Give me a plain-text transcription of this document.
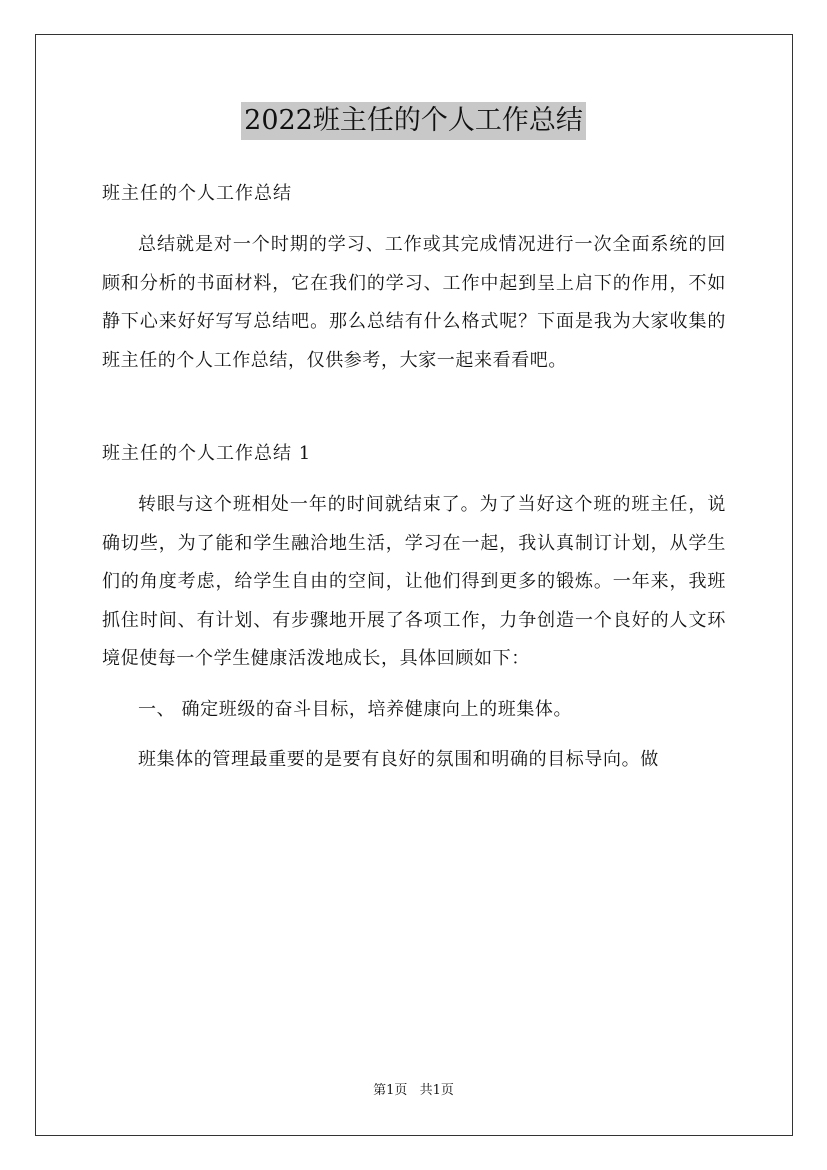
2022班主任的个人工作总结
班主任的个人工作总结

总结就是对一个时期的学习、工作或其完成情况进行一次全面系统的回顾和分析的书面材料，它在我们的学习、工作中起到呈上启下的作用，不如静下心来好好写写总结吧。那么总结有什么格式呢？下面是我为大家收集的班主任的个人工作总结，仅供参考，大家一起来看看吧。

班主任的个人工作总结 1

转眼与这个班相处一年的时间就结束了。为了当好这个班的班主任，说确切些，为了能和学生融洽地生活，学习在一起，我认真制订计划，从学生们的角度考虑，给学生自由的空间，让他们得到更多的锻炼。一年来，我班抓住时间、有计划、有步骤地开展了各项工作，力争创造一个良好的人文环境促使每一个学生健康活泼地成长，具体回顾如下：

一、 确定班级的奋斗目标，培养健康向上的班集体。

班集体的管理最重要的是要有良好的氛围和明确的目标导向。做

第1页 共1页
